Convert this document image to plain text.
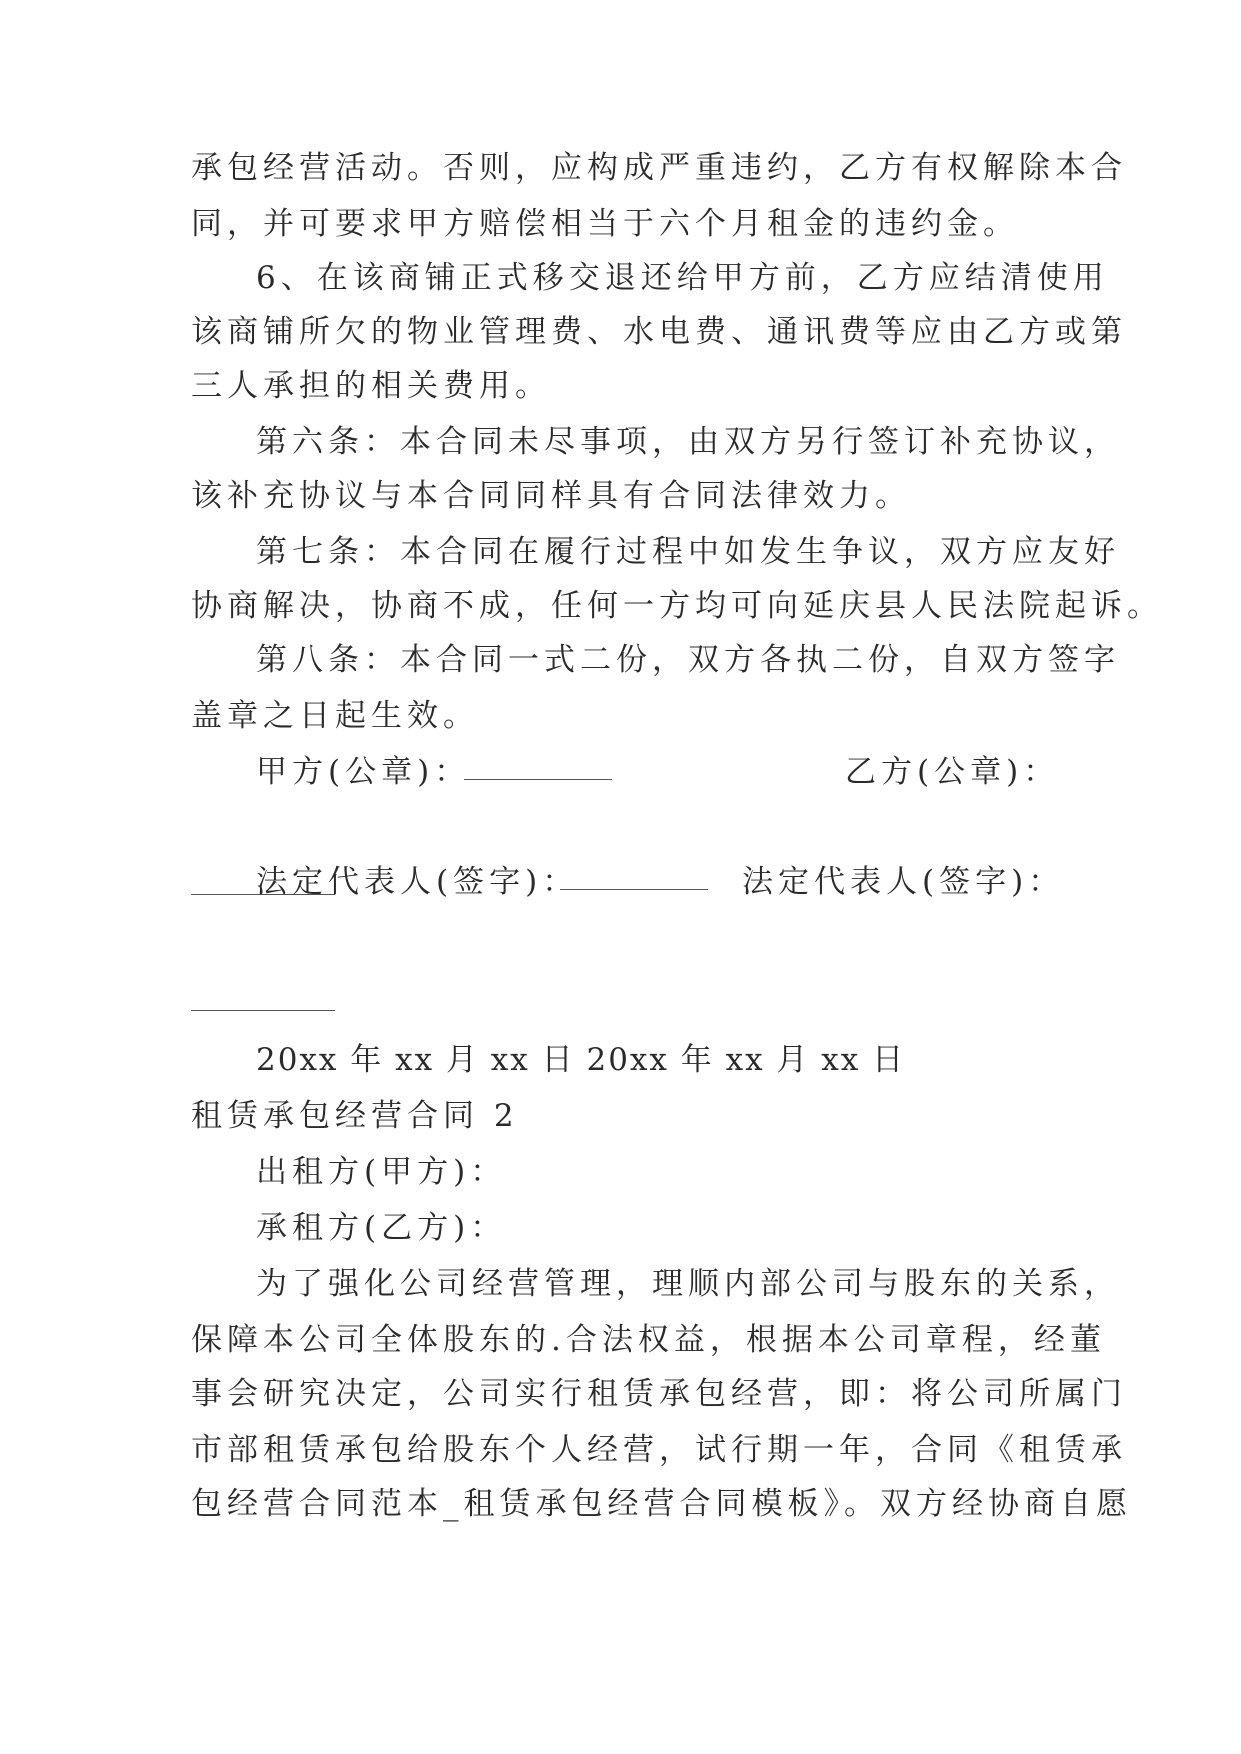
承包经营活动。否则，应构成严重违约，乙方有权解除本合
同，并可要求甲方赔偿相当于六个月租金的违约金。
6、在该商铺正式移交退还给甲方前，乙方应结清使用
该商铺所欠的物业管理费、水电费、通讯费等应由乙方或第
三人承担的相关费用。
第六条：本合同未尽事项，由双方另行签订补充协议，
该补充协议与本合同同样具有合同法律效力。
第七条：本合同在履行过程中如发生争议，双方应友好
协商解决，协商不成，任何一方均可向延庆县人民法院起诉。
第八条：本合同一式二份，双方各执二份，自双方签字
盖章之日起生效。
甲方(公章)：	乙方(公章)：
法定代表人(签字)：	法定代表人(签字)：
20xx 年 xx 月 xx 日 20xx 年 xx 月 xx 日
租赁承包经营合同 2
出租方(甲方)：
承租方(乙方)：
为了强化公司经营管理，理顺内部公司与股东的关系，
保障本公司全体股东的.合法权益，根据本公司章程，经董
事会研究决定，公司实行租赁承包经营，即：将公司所属门
市部租赁承包给股东个人经营，试行期一年，合同《租赁承
包经营合同范本_租赁承包经营合同模板》。双方经协商自愿
